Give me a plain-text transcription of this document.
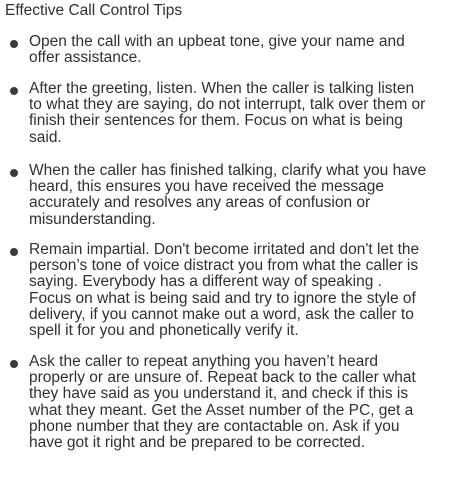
Effective Call Control Tips
Open the call with an upbeat tone, give your name and
offer assistance.
After the greeting, listen. When the caller is talking listen
to what they are saying, do not interrupt, talk over them or
finish their sentences for them. Focus on what is being
said.
When the caller has finished talking, clarify what you have
heard, this ensures you have received the message
accurately and resolves any areas of confusion or
misunderstanding.
Remain impartial. Don't become irritated and don't let the
person’s tone of voice distract you from what the caller is
saying. Everybody has a different way of speaking .
Focus on what is being said and try to ignore the style of
delivery, if you cannot make out a word, ask the caller to
spell it for you and phonetically verify it.
Ask the caller to repeat anything you haven’t heard
properly or are unsure of. Repeat back to the caller what
they have said as you understand it, and check if this is
what they meant. Get the Asset number of the PC, get a
phone number that they are contactable on. Ask if you
have got it right and be prepared to be corrected.
